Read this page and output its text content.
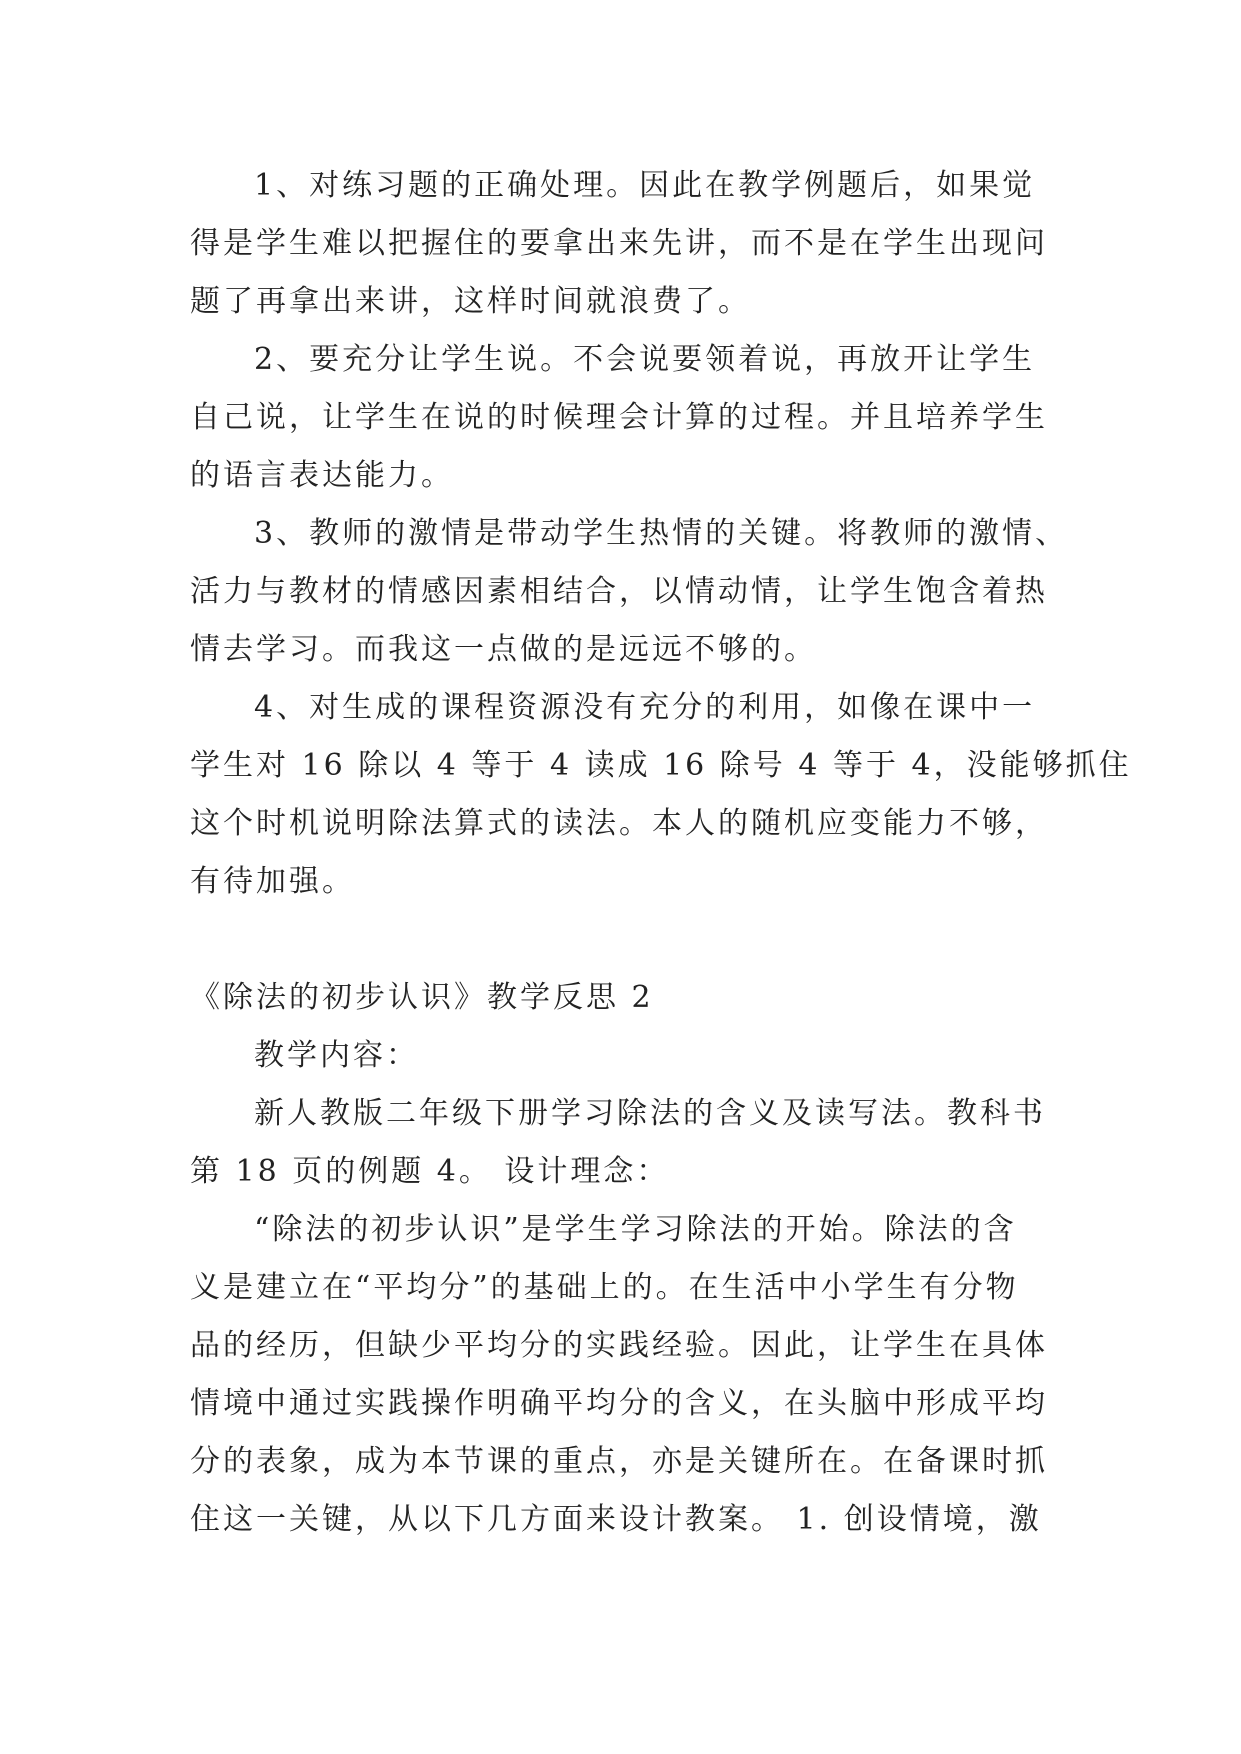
1、对练习题的正确处理。因此在教学例题后，如果觉
得是学生难以把握住的要拿出来先讲，而不是在学生出现问
题了再拿出来讲，这样时间就浪费了。
2、要充分让学生说。不会说要领着说，再放开让学生
自己说，让学生在说的时候理会计算的过程。并且培养学生
的语言表达能力。
3、教师的激情是带动学生热情的关键。将教师的激情、
活力与教材的情感因素相结合，以情动情，让学生饱含着热
情去学习。而我这一点做的是远远不够的。
4、对生成的课程资源没有充分的利用，如像在课中一
学生对 16 除以 4 等于 4 读成 16 除号 4 等于 4，没能够抓住
这个时机说明除法算式的读法。本人的随机应变能力不够，
有待加强。
《除法的初步认识》教学反思 2
教学内容：
新人教版二年级下册学习除法的含义及读写法。教科书
第 18 页的例题 4。 设计理念：
“除法的初步认识”是学生学习除法的开始。除法的含
义是建立在“平均分”的基础上的。在生活中小学生有分物
品的经历，但缺少平均分的实践经验。因此，让学生在具体
情境中通过实践操作明确平均分的含义，在头脑中形成平均
分的表象，成为本节课的重点，亦是关键所在。在备课时抓
住这一关键，从以下几方面来设计教案。 1. 创设情境，激
